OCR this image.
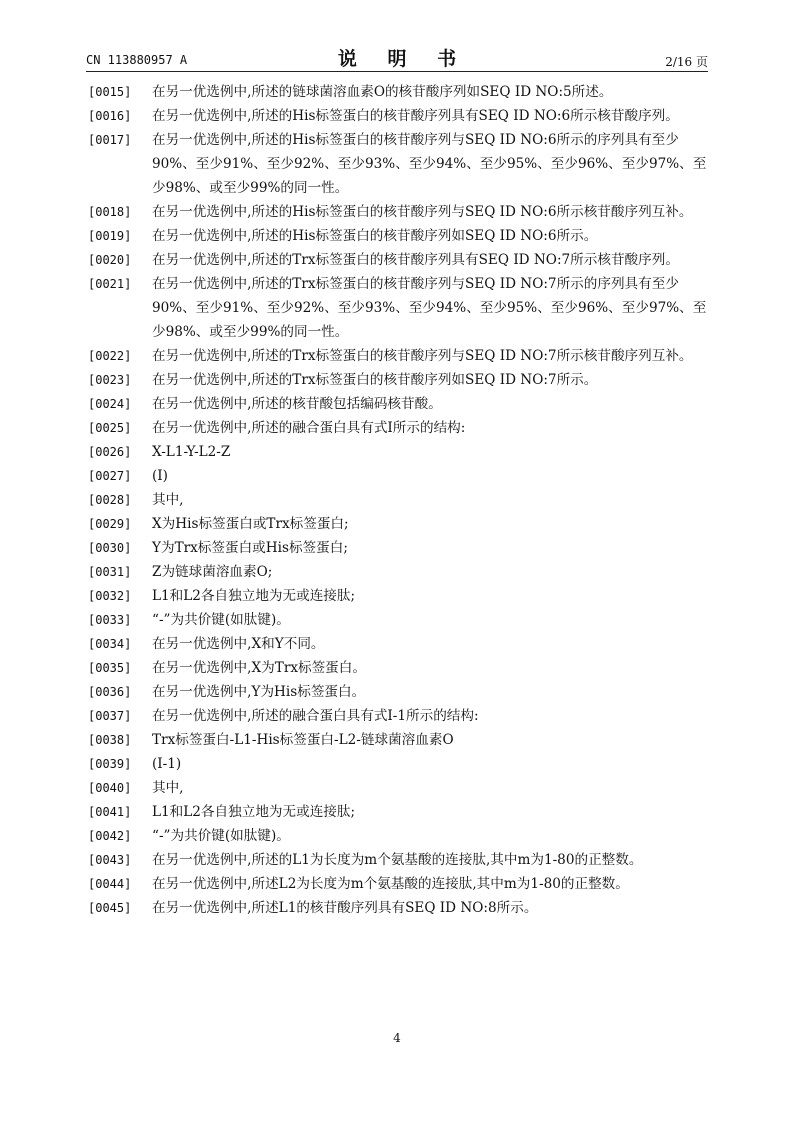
CN 113880957 A	说 明 书	2/16 页
[0015] 在另一优选例中,所述的链球菌溶血素O的核苷酸序列如SEQ ID NO:5所述。
[0016] 在另一优选例中,所述的His标签蛋白的核苷酸序列具有SEQ ID NO:6所示核苷酸序列。
[0017] 在另一优选例中,所述的His标签蛋白的核苷酸序列与SEQ ID NO:6所示的序列具有至少90%、至少91%、至少92%、至少93%、至少94%、至少95%、至少96%、至少97%、至少98%、或至少99%的同一性。
[0018] 在另一优选例中,所述的His标签蛋白的核苷酸序列与SEQ ID NO:6所示核苷酸序列互补。
[0019] 在另一优选例中,所述的His标签蛋白的核苷酸序列如SEQ ID NO:6所示。
[0020] 在另一优选例中,所述的Trx标签蛋白的核苷酸序列具有SEQ ID NO:7所示核苷酸序列。
[0021] 在另一优选例中,所述的Trx标签蛋白的核苷酸序列与SEQ ID NO:7所示的序列具有至少90%、至少91%、至少92%、至少93%、至少94%、至少95%、至少96%、至少97%、至少98%、或至少99%的同一性。
[0022] 在另一优选例中,所述的Trx标签蛋白的核苷酸序列与SEQ ID NO:7所示核苷酸序列互补。
[0023] 在另一优选例中,所述的Trx标签蛋白的核苷酸序列如SEQ ID NO:7所示。
[0024] 在另一优选例中,所述的核苷酸包括编码核苷酸。
[0025] 在另一优选例中,所述的融合蛋白具有式I所示的结构:
[0026] X-L1-Y-L2-Z
[0027] (I)
[0028] 其中,
[0029] X为His标签蛋白或Trx标签蛋白;
[0030] Y为Trx标签蛋白或His标签蛋白;
[0031] Z为链球菌溶血素O;
[0032] L1和L2各自独立地为无或连接肽;
[0033] “-”为共价键(如肽键)。
[0034] 在另一优选例中,X和Y不同。
[0035] 在另一优选例中,X为Trx标签蛋白。
[0036] 在另一优选例中,Y为His标签蛋白。
[0037] 在另一优选例中,所述的融合蛋白具有式I-1所示的结构:
[0038] Trx标签蛋白-L1-His标签蛋白-L2-链球菌溶血素O
[0039] (I-1)
[0040] 其中,
[0041] L1和L2各自独立地为无或连接肽;
[0042] “-”为共价键(如肽键)。
[0043] 在另一优选例中,所述的L1为长度为m个氨基酸的连接肽,其中m为1-80的正整数。
[0044] 在另一优选例中,所述L2为长度为m个氨基酸的连接肽,其中m为1-80的正整数。
[0045] 在另一优选例中,所述L1的核苷酸序列具有SEQ ID NO:8所示。
4
